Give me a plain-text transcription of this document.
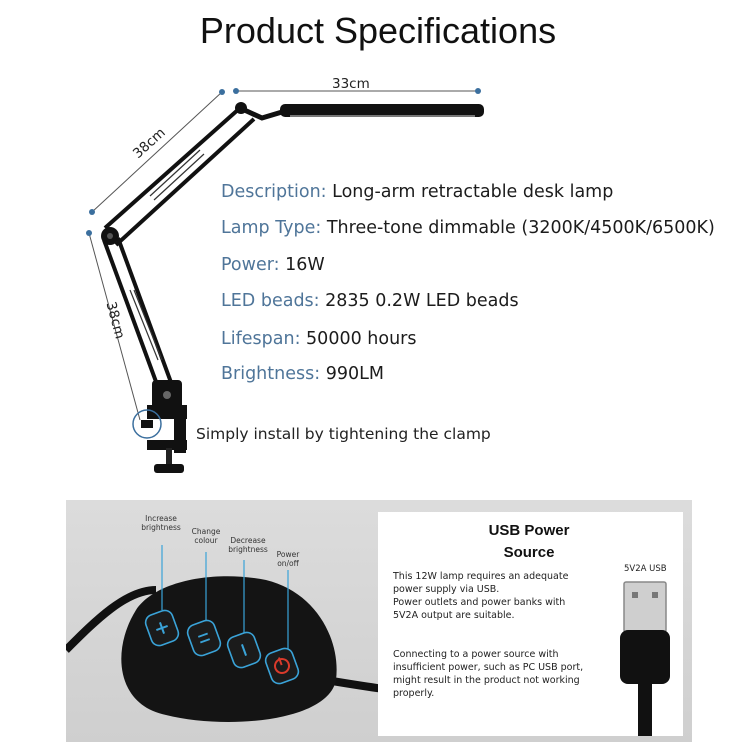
Product Specifications
33cm
38cm
38cm
Description: Long-arm retractable desk lamp
Lamp Type: Three-tone dimmable (3200K/4500K/6500K)
Power: 16W
LED beads: 2835 0.2W LED beads
Lifespan: 50000 hours
Brightness: 990LM
Simply install by tightening the clamp
Increase
brightness	Change
colour	Decrease
brightness
Power
on/off
USB Power
Source
This 12W lamp requires an adequate
power supply via USB.
Power outlets and power banks with
5V2A output are suitable.
Connecting to a power source with
insufficient power, such as PC USB port,
might result in the product not working
properly.
5V2A USB
